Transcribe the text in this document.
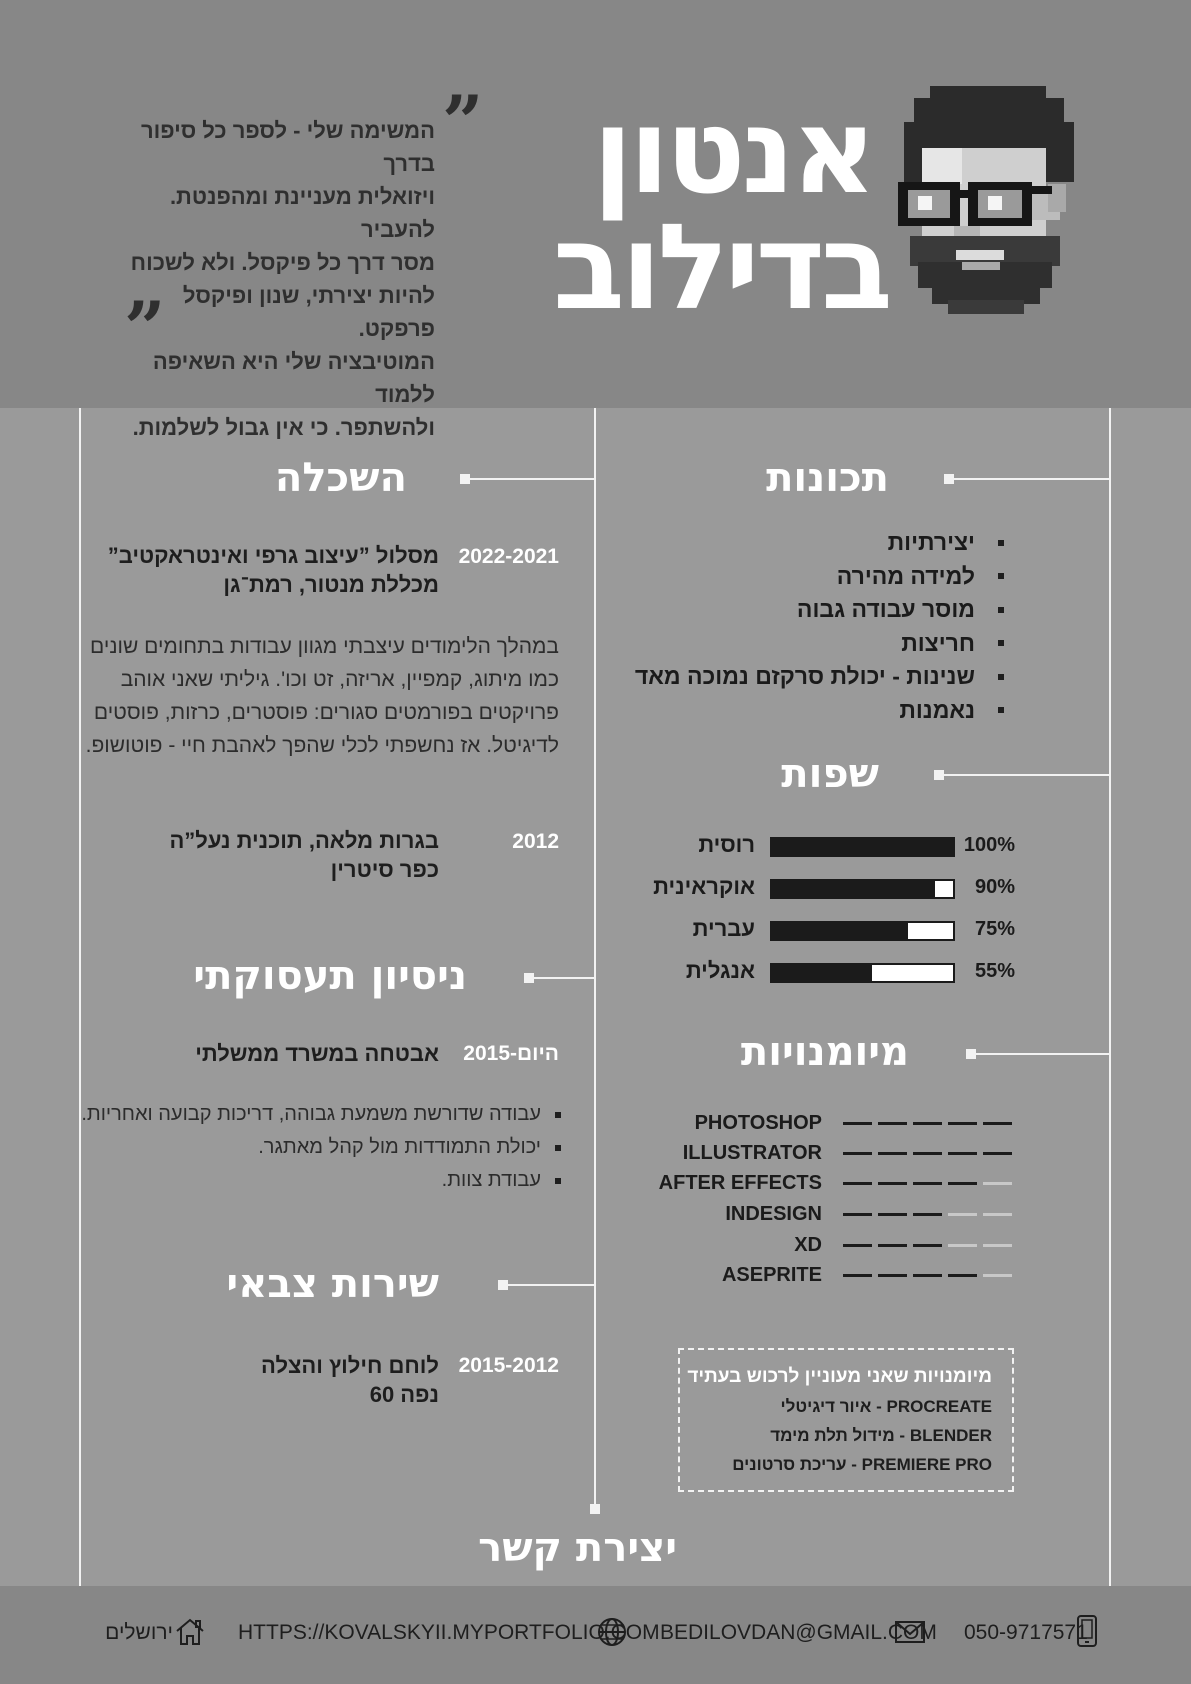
אנטון
בדילוב
”
המשימה שלי - לספר כל סיפור בדרך
ויזואלית מעניינת ומהפנטת. להעביר
מסר דרך כל פיקסל. ולא לשכוח
להיות יצירתי, שנון ופיקסל פרפקט.
המוטיבציה שלי היא השאיפה ללמוד
ולהשתפר. כי אין גבול לשלמות.
”
תכונות
יצירתיות
למידה מהירה
מוסר עבודה גבוה
חריצות
שנינות - יכולת סרקזם נמוכה מאד
נאמנות
שפות
רוסית	100%
אוקראינית	90%
עברית	75%
אנגלית	55%
מיומנויות
PHOTOSHOP
ILLUSTRATOR
AFTER EFFECTS
INDESIGN
XD
ASEPRITE
מיומנויות שאני מעוניין לרכוש בעתיד
PROCREATE - איור דיגיטלי
BLENDER - מידול תלת מימד
PREMIERE PRO - עריכת סרטונים
השכלה
2022-2021
מסלול ”עיצוב גרפי ואינטראקטיב”
מכללת מנטור, רמת־גן
במהלך הלימודים עיצבתי מגוון עבודות בתחומים שונים
כמו מיתוג, קמפיין, אריזה, זט וכו'. גיליתי שאני אוהב
פרויקטים בפורמטים סגורים: פוסטרים, כרזות, פוסטים
לדיגיטל. אז נחשפתי לכלי שהפך לאהבת חיי - פוטושופ.
2012
בגרות מלאה, תוכנית נעל”ה
כפר סיטרין
ניסיון תעסוקתי
2015-היום
אבטחה במשרד ממשלתי
עבודה שדורשת משמעת גבוהה, דריכות קבועה ואחריות.
יכולת התמודדות מול קהל מאתגר.
עבודת צוות.
שירות צבאי
2015-2012
לוחם חילוץ והצלה
נפה 60
יצירת קשר
ירושלים	HTTPS://KOVALSKYII.MYPORTFOLIO.COM BEDILOVDAN@GMAIL.COM 050-9717571
